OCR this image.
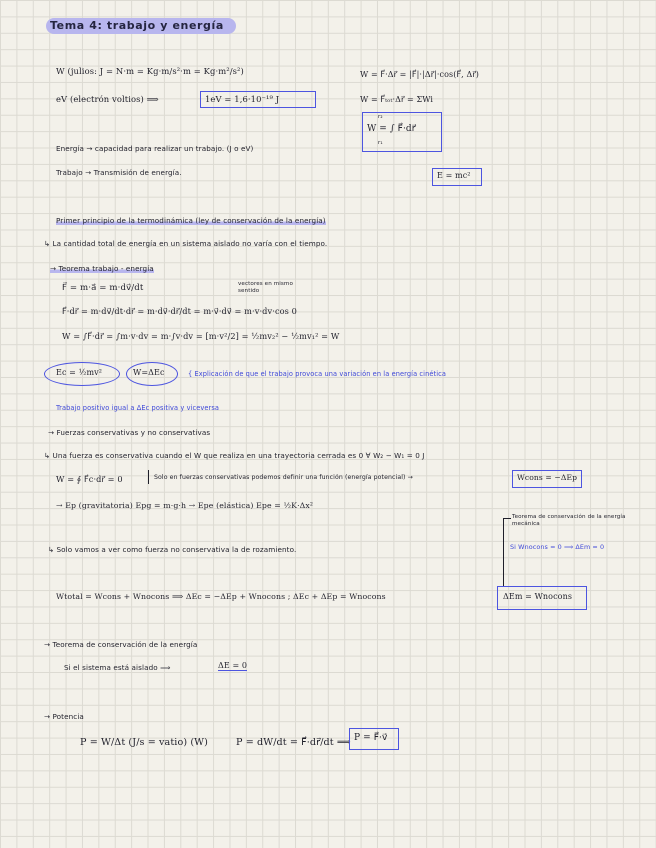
Tema 4: trabajo y energía
W (julios: J = N·m = Kg·m/s²·m = Kg·m²/s²)
eV (electrón voltios) ⟹	1eV = 1,6·10⁻¹⁹ J
W = F⃗·Δr⃗ = |F⃗|·|Δr⃗|·cos(F⃗, Δr⃗)
W = F⃗ₜₒₜ·Δr⃗ = ΣWi
W = ∫ F⃗·dr⃗
r₂
r₁
Energía → capacidad para realizar un trabajo. (J o eV)
Trabajo → Transmisión de energía.	E = mc²
Primer principio de la termodinámica (ley de conservación de la energía)
↳ La cantidad total de energía en un sistema aislado no varía con el tiempo.
→ Teorema trabajo - energía
F⃗ = m·a⃗ = m·dv⃗/dt	vectores en mismo sentido
F⃗·dr⃗ = m·dv⃗/dt·dr⃗ = m·dv⃗·dr⃗/dt = m·v⃗·dv⃗ = m·v·dv·cos 0
W = ∫F⃗·dr⃗ = ∫m·v·dv = m·∫v·dv = [m·v²/2] = ½mv₂² − ½mv₁² = W
Ec = ½mv²	W=ΔEc	{ Explicación de que el trabajo provoca una variación en la energía cinética
Trabajo positivo igual a ΔEc positiva y viceversa
→ Fuerzas conservativas y no conservativas
↳ Una fuerza es conservativa cuando el W que realiza en una trayectoria cerrada es 0 ∀ W₂ − W₁ = 0 J
W = ∮ F⃗c·dr⃗ = 0	Solo en fuerzas conservativas podemos definir una función (energía potencial) →	Wcons = −ΔEp
→ Ep (gravitatoria) Epg = m·g·h → Epe (elástica) Epe = ½K·Δx²
↳ Solo vamos a ver como fuerza no conservativa la de rozamiento.
Teorema de conservación de la energía mecánica
Si Wnocons = 0 ⟹ ΔEm = 0
Wtotal = Wcons + Wnocons ⟹ ΔEc = −ΔEp + Wnocons ; ΔEc + ΔEp = Wnocons	ΔEm = Wnocons
→ Teorema de conservación de la energía
Si el sistema está aislado ⟹	ΔE = 0
→ Potencia
P = W/Δt (J/s = vatio) (W)	P = dW/dt = F⃗·dr⃗/dt ⟹ P = F⃗·v⃗
